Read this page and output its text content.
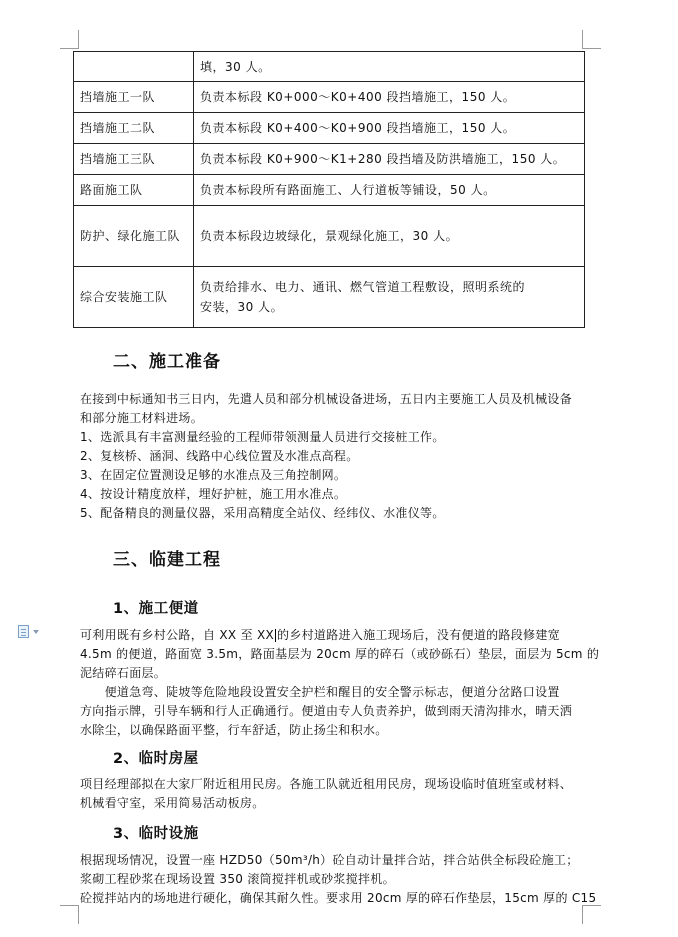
	填，30 人。
挡墙施工一队	负责本标段 K0+000～K0+400 段挡墙施工，150 人。
挡墙施工二队	负责本标段 K0+400～K0+900 段挡墙施工，150 人。
挡墙施工三队	负责本标段 K0+900～K1+280 段挡墙及防洪墙施工，150 人。
路面施工队	负责本标段所有路面施工、人行道板等铺设，50 人。
防护、绿化施工队	负责本标段边坡绿化，景观绿化施工，30 人。
综合安装施工队	负责给排水、电力、通讯、燃气管道工程敷设，照明系统的
安装，30 人。
二、施工准备
在接到中标通知书三日内，先遣人员和部分机械设备进场，五日内主要施工人员及机械设备
和部分施工材料进场。
1、选派具有丰富测量经验的工程师带领测量人员进行交接桩工作。
2、复核桥、涵洞、线路中心线位置及水准点高程。
3、在固定位置测设足够的水准点及三角控制网。
4、按设计精度放样，埋好护桩，施工用水准点。
5、配备精良的测量仪器，采用高精度全站仪、经纬仪、水准仪等。
三、临建工程
1、施工便道
可利用既有乡村公路，自 XX 至 XX 的乡村道路进入施工现场后，没有便道的路段修建宽
4.5m 的便道，路面宽 3.5m，路面基层为 20cm 厚的碎石（或砂砾石）垫层，面层为 5cm 的
泥结碎石面层。
　　便道急弯、陡坡等危险地段设置安全护栏和醒目的安全警示标志，便道分岔路口设置
方向指示牌，引导车辆和行人正确通行。便道由专人负责养护，做到雨天清沟排水，晴天洒
水除尘，以确保路面平整，行车舒适，防止扬尘和积水。
2、临时房屋
项目经理部拟在大家厂附近租用民房。各施工队就近租用民房，现场设临时值班室或材料、
机械看守室，采用简易活动板房。
3、临时设施
根据现场情况，设置一座 HZD50（50m³/h）砼自动计量拌合站，拌合站供全标段砼施工；
浆砌工程砂浆在现场设置 350 滚筒搅拌机或砂浆搅拌机。
砼搅拌站内的场地进行硬化，确保其耐久性。要求用 20cm 厚的碎石作垫层，15cm 厚的 C15
